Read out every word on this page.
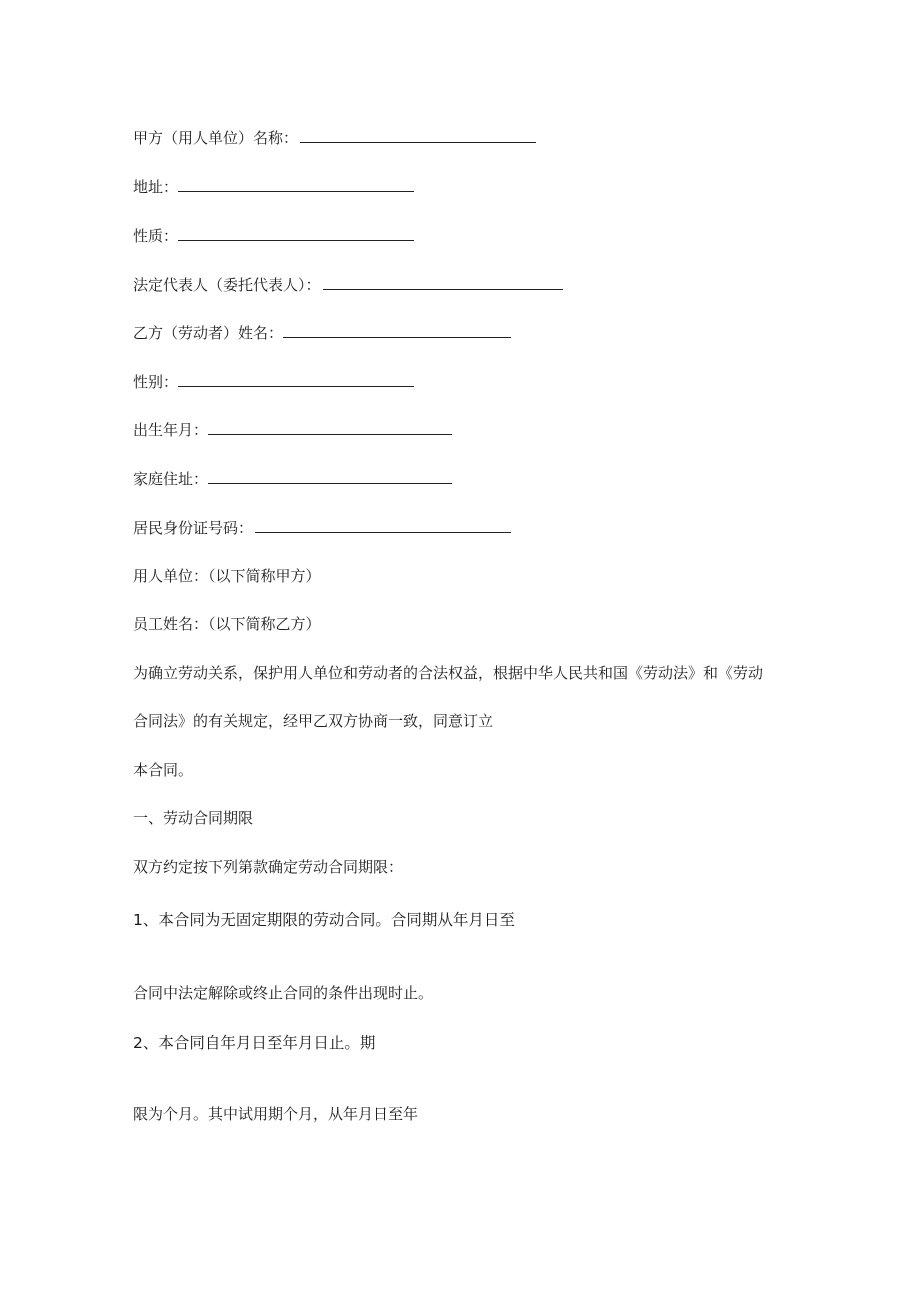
甲方（用人单位）名称：
地址：
性质：
法定代表人（委托代表人）：
乙方（劳动者）姓名：
性别：
出生年月：
家庭住址：
居民身份证号码：
用人单位：（以下简称甲方）
员工姓名：（以下简称乙方）
为确立劳动关系，保护用人单位和劳动者的合法权益，根据中华人民共和国《劳动法》和《劳动
合同法》的有关规定，经甲乙双方协商一致，同意订立
本合同。
一、劳动合同期限
双方约定按下列第款确定劳动合同期限：
1、本合同为无固定期限的劳动合同。合同期从年月日至
合同中法定解除或终止合同的条件出现时止。
2、本合同自年月日至年月日止。期
限为个月。其中试用期个月，从年月日至年
